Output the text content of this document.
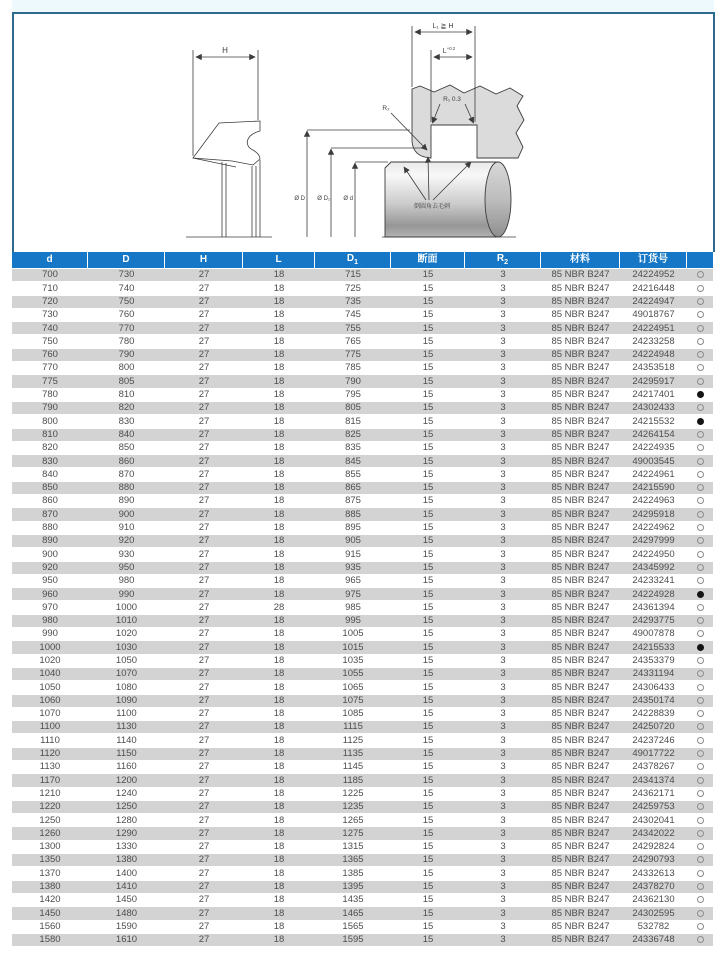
H
L₁ ≧ H
$L^{+0.2}$
R₁ 0.3
R₂
Ø D Ø D₁ Ø d
倒圆角去毛刺
d	D	H	L	$D_1$	断面	$R_2$	材料	订货号	
700	730	27	18	715	15	3	85 NBR B247	24224952	
710	740	27	18	725	15	3	85 NBR B247	24216448	
720	750	27	18	735	15	3	85 NBR B247	24224947	
730	760	27	18	745	15	3	85 NBR B247	49018767	
740	770	27	18	755	15	3	85 NBR B247	24224951	
750	780	27	18	765	15	3	85 NBR B247	24233258	
760	790	27	18	775	15	3	85 NBR B247	24224948	
770	800	27	18	785	15	3	85 NBR B247	24353518	
775	805	27	18	790	15	3	85 NBR B247	24295917	
780	810	27	18	795	15	3	85 NBR B247	24217401	
790	820	27	18	805	15	3	85 NBR B247	24302433	
800	830	27	18	815	15	3	85 NBR B247	24215532	
810	840	27	18	825	15	3	85 NBR B247	24264154	
820	850	27	18	835	15	3	85 NBR B247	24224935	
830	860	27	18	845	15	3	85 NBR B247	49003545	
840	870	27	18	855	15	3	85 NBR B247	24224961	
850	880	27	18	865	15	3	85 NBR B247	24215590	
860	890	27	18	875	15	3	85 NBR B247	24224963	
870	900	27	18	885	15	3	85 NBR B247	24295918	
880	910	27	18	895	15	3	85 NBR B247	24224962	
890	920	27	18	905	15	3	85 NBR B247	24297999	
900	930	27	18	915	15	3	85 NBR B247	24224950	
920	950	27	18	935	15	3	85 NBR B247	24345992	
950	980	27	18	965	15	3	85 NBR B247	24233241	
960	990	27	18	975	15	3	85 NBR B247	24224928	
970	1000	27	28	985	15	3	85 NBR B247	24361394	
980	1010	27	18	995	15	3	85 NBR B247	24293775	
990	1020	27	18	1005	15	3	85 NBR B247	49007878	
1000	1030	27	18	1015	15	3	85 NBR B247	24215533	
1020	1050	27	18	1035	15	3	85 NBR B247	24353379	
1040	1070	27	18	1055	15	3	85 NBR B247	24331194	
1050	1080	27	18	1065	15	3	85 NBR B247	24306433	
1060	1090	27	18	1075	15	3	85 NBR B247	24350174	
1070	1100	27	18	1085	15	3	85 NBR B247	24228839	
1100	1130	27	18	1115	15	3	85 NBR B247	24250720	
1110	1140	27	18	1125	15	3	85 NBR B247	24237246	
1120	1150	27	18	1135	15	3	85 NBR B247	49017722	
1130	1160	27	18	1145	15	3	85 NBR B247	24378267	
1170	1200	27	18	1185	15	3	85 NBR B247	24341374	
1210	1240	27	18	1225	15	3	85 NBR B247	24362171	
1220	1250	27	18	1235	15	3	85 NBR B247	24259753	
1250	1280	27	18	1265	15	3	85 NBR B247	24302041	
1260	1290	27	18	1275	15	3	85 NBR B247	24342022	
1300	1330	27	18	1315	15	3	85 NBR B247	24292824	
1350	1380	27	18	1365	15	3	85 NBR B247	24290793	
1370	1400	27	18	1385	15	3	85 NBR B247	24332613	
1380	1410	27	18	1395	15	3	85 NBR B247	24378270	
1420	1450	27	18	1435	15	3	85 NBR B247	24362130	
1450	1480	27	18	1465	15	3	85 NBR B247	24302595	
1560	1590	27	18	1565	15	3	85 NBR B247	532782	
1580	1610	27	18	1595	15	3	85 NBR B247	24336748	
